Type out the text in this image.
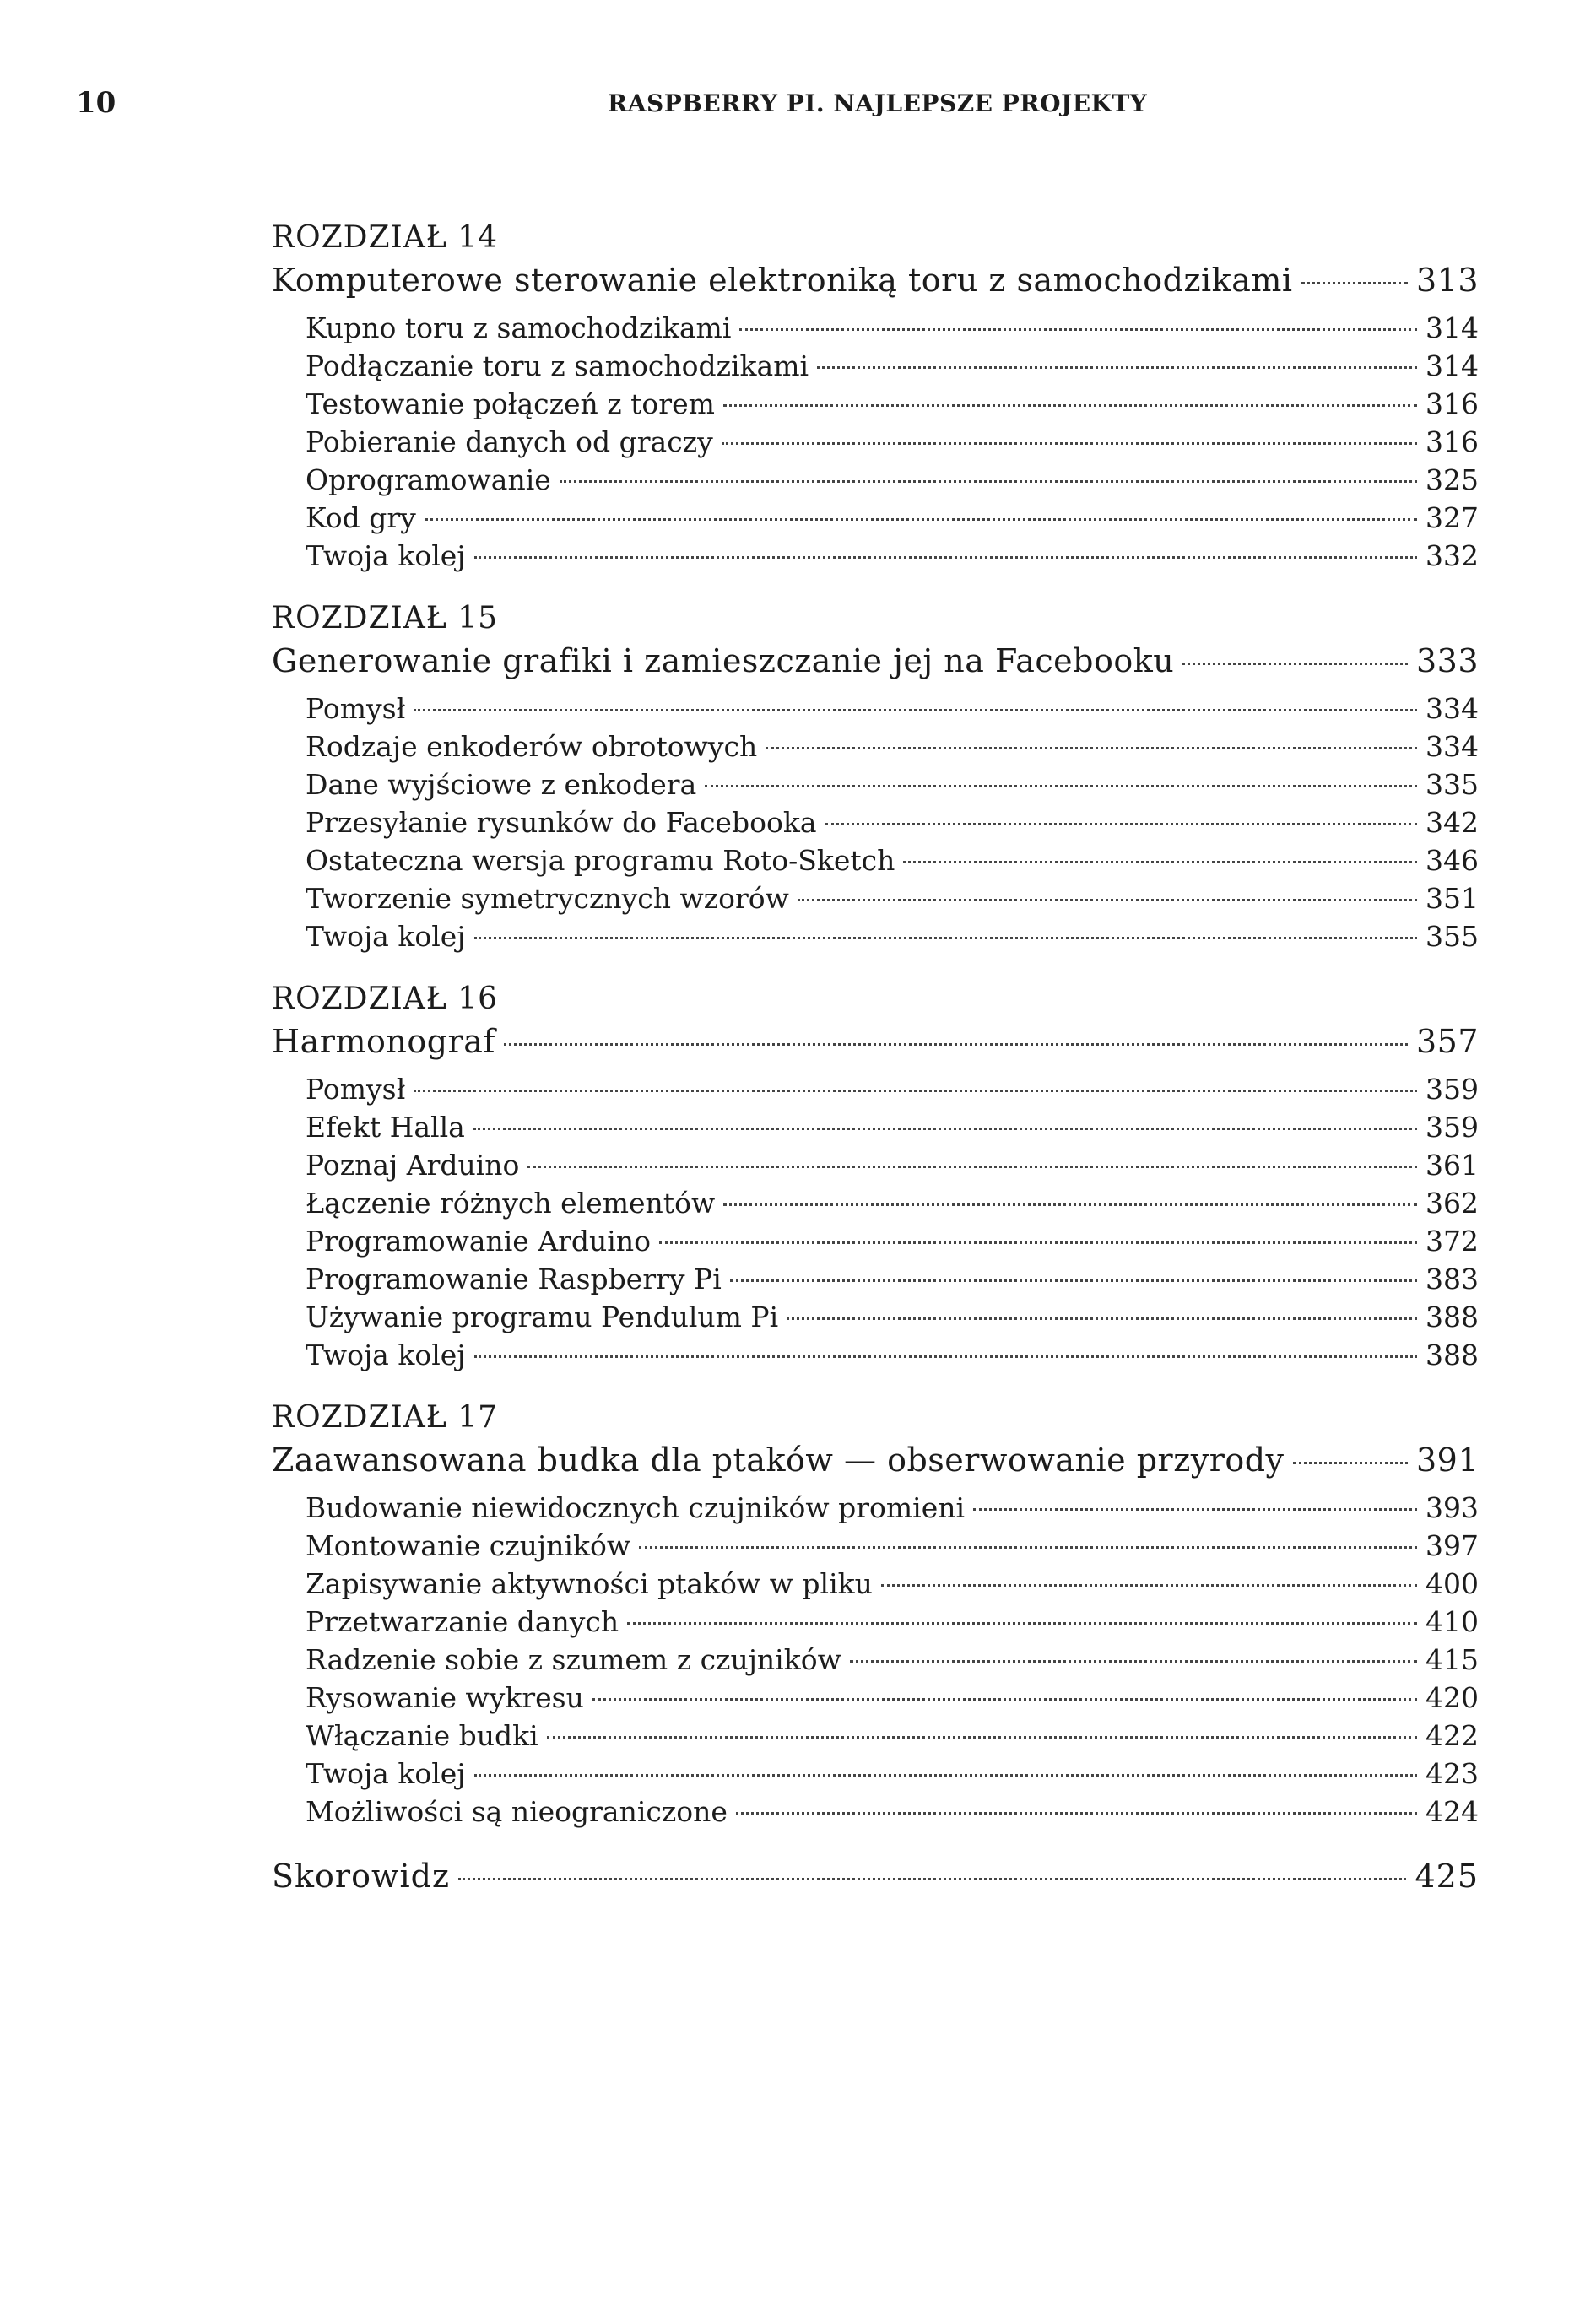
10	RASPBERRY PI. NAJLEPSZE PROJEKTY
ROZDZIAŁ 14
Komputerowe sterowanie elektroniką toru z samochodzikami	313
Kupno toru z samochodzikami	314
Podłączanie toru z samochodzikami	314
Testowanie połączeń z torem	316
Pobieranie danych od graczy	316
Oprogramowanie	325
Kod gry	327
Twoja kolej	332
ROZDZIAŁ 15
Generowanie grafiki i zamieszczanie jej na Facebooku	333
Pomysł	334
Rodzaje enkoderów obrotowych	334
Dane wyjściowe z enkodera	335
Przesyłanie rysunków do Facebooka	342
Ostateczna wersja programu Roto-Sketch	346
Tworzenie symetrycznych wzorów	351
Twoja kolej	355
ROZDZIAŁ 16
Harmonograf	357
Pomysł	359
Efekt Halla	359
Poznaj Arduino	361
Łączenie różnych elementów	362
Programowanie Arduino	372
Programowanie Raspberry Pi	383
Używanie programu Pendulum Pi	388
Twoja kolej	388
ROZDZIAŁ 17
Zaawansowana budka dla ptaków — obserwowanie przyrody	391
Budowanie niewidocznych czujników promieni	393
Montowanie czujników	397
Zapisywanie aktywności ptaków w pliku	400
Przetwarzanie danych	410
Radzenie sobie z szumem z czujników	415
Rysowanie wykresu	420
Włączanie budki	422
Twoja kolej	423
Możliwości są nieograniczone	424
Skorowidz	425
